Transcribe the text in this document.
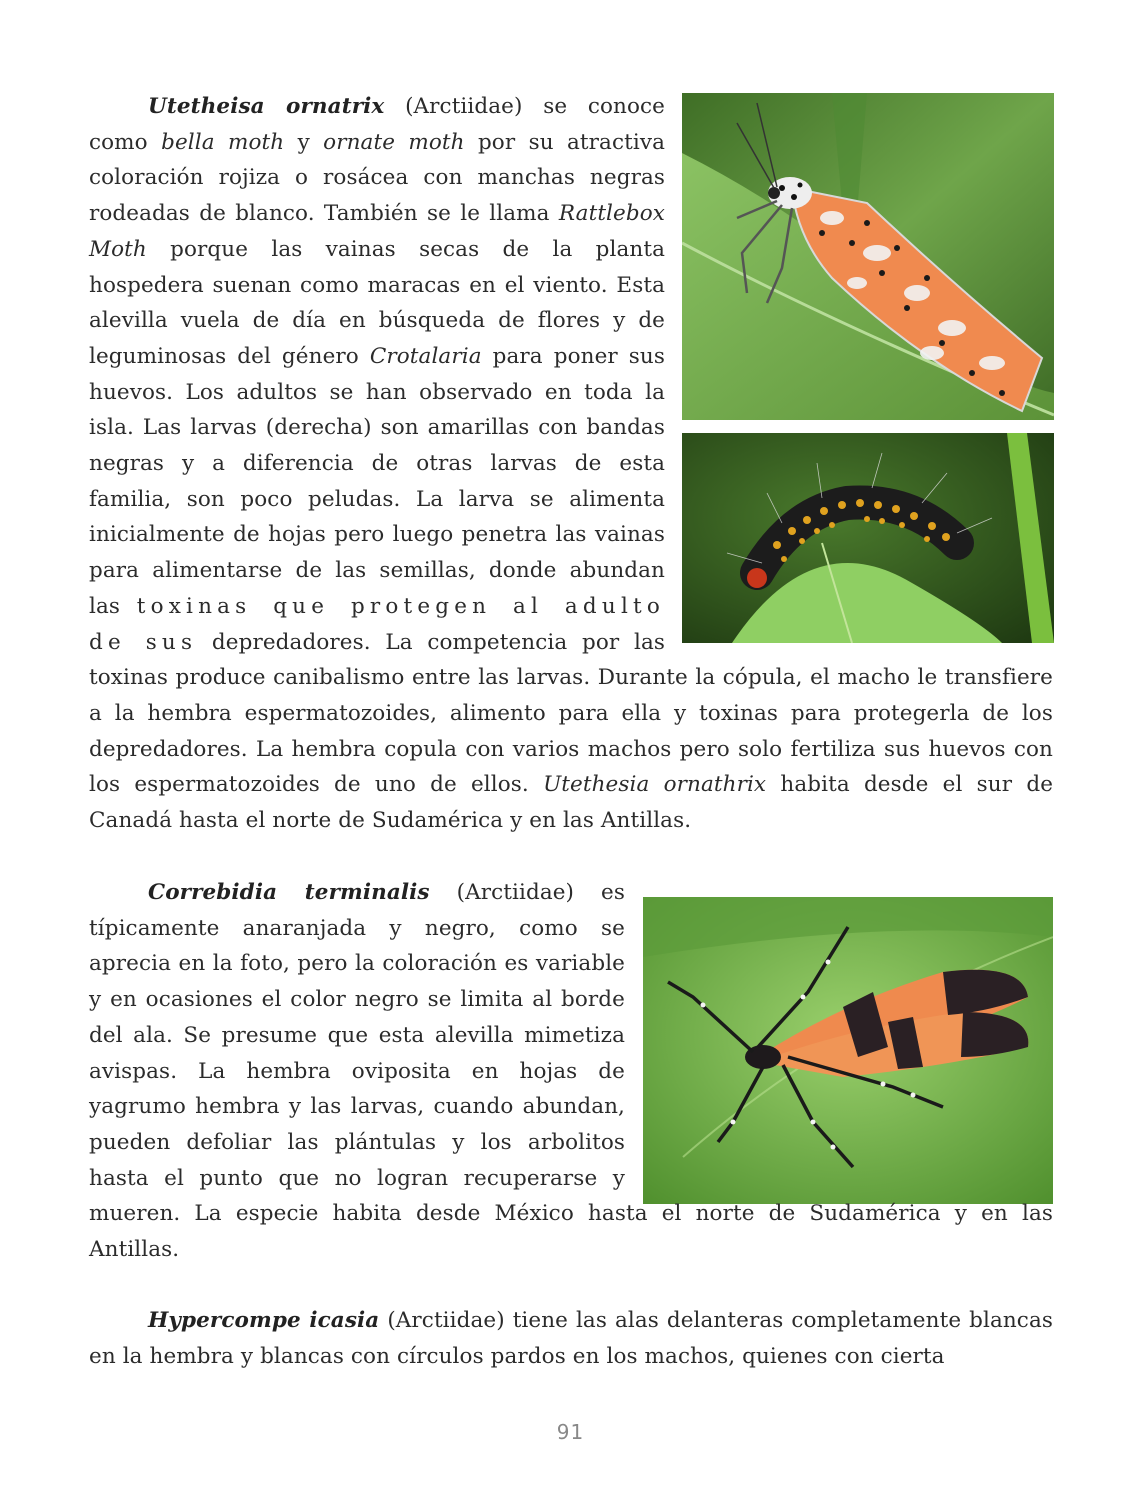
Utetheisa ornatrix (Arctiidae) se conoce como bella moth y ornate moth por su atractiva coloración rojiza o rosácea con manchas negras rodeadas de blanco. También se le llama Rattlebox Moth porque las vainas secas de la planta hospedera suenan como maracas en el viento. Esta alevilla vuela de día en búsqueda de flores y de leguminosas del género Crotalaria para poner sus huevos. Los adultos se han observado en toda la isla. Las larvas (derecha) son amarillas con bandas negras y a diferencia de otras larvas de esta familia, son poco peludas. La larva se alimenta inicialmente de hojas pero luego penetra las vainas para alimentarse de las semillas, donde abundan las toxinas que protegen al adulto de sus depredadores. La competencia por las toxinas produce canibalismo entre las larvas. Durante la cópula, el macho le transfiere a la hembra espermatozoides, alimento para ella y toxinas para protegerla de los depredadores. La hembra copula con varios machos pero solo fertiliza sus huevos con los espermatozoides de uno de ellos. Utethesia ornathrix habita desde el sur de Canadá hasta el norte de Sudamérica y en las Antillas.

Correbidia terminalis (Arctiidae) es típicamente anaranjada y negro, como se aprecia en la foto, pero la coloración es variable y en ocasiones el color negro se limita al borde del ala. Se presume que esta alevilla mimetiza avispas. La hembra oviposita en hojas de yagrumo hembra y las larvas, cuando abundan, pueden defoliar las plántulas y los arbolitos hasta el punto que no logran recuperarse y mueren. La especie habita desde México hasta el norte de Sudamérica y en las Antillas.

Hypercompe icasia (Arctiidae) tiene las alas delanteras completamente blancas en la hembra y blancas con círculos pardos en los machos, quienes con cierta

91
